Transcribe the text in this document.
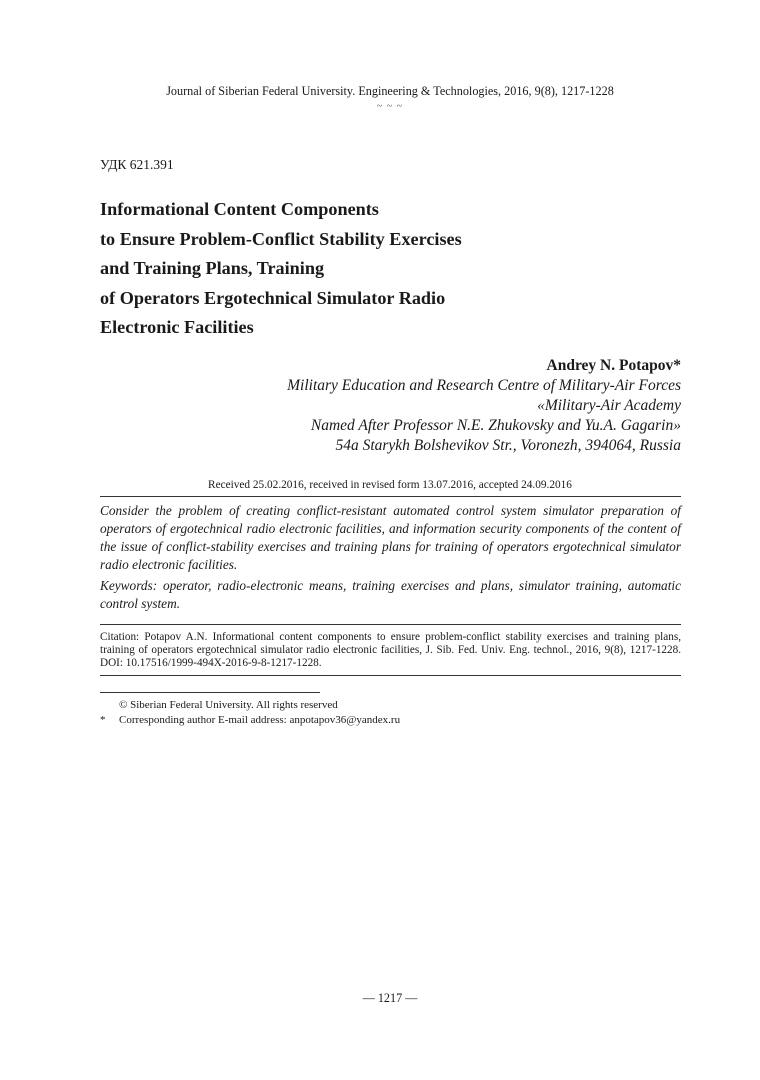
Journal of Siberian Federal University. Engineering & Technologies, 2016, 9(8), 1217-1228
~ ~ ~
УДК 621.391
Informational Content Components
to Ensure Problem-Conflict Stability Exercises
and Training Plans, Training
of Operators Ergotechnical Simulator Radio
Electronic Facilities
Andrey N. Potapov*
Military Education and Research Centre of Military-Air Forces
«Military-Air Academy
Named After Professor N.E. Zhukovsky and Yu.A. Gagarin»
54a Starykh Bolshevikov Str., Voronezh, 394064, Russia
Received 25.02.2016, received in revised form 13.07.2016, accepted 24.09.2016
Consider the problem of creating conflict-resistant automated control system simulator preparation of operators of ergotechnical radio electronic facilities, and information security components of the content of the issue of conflict-stability exercises and training plans for training of operators ergotechnical simulator radio electronic facilities.
Keywords: operator, radio-electronic means, training exercises and plans, simulator training, automatic control system.
Citation: Potapov A.N. Informational content components to ensure problem-conflict stability exercises and training plans, training of operators ergotechnical simulator radio electronic facilities, J. Sib. Fed. Univ. Eng. technol., 2016, 9(8), 1217-1228. DOI: 10.17516/1999-494X-2016-9-8-1217-1228.
© Siberian Federal University. All rights reserved
* Corresponding author E-mail address: anpotapov36@yandex.ru
— 1217 —
